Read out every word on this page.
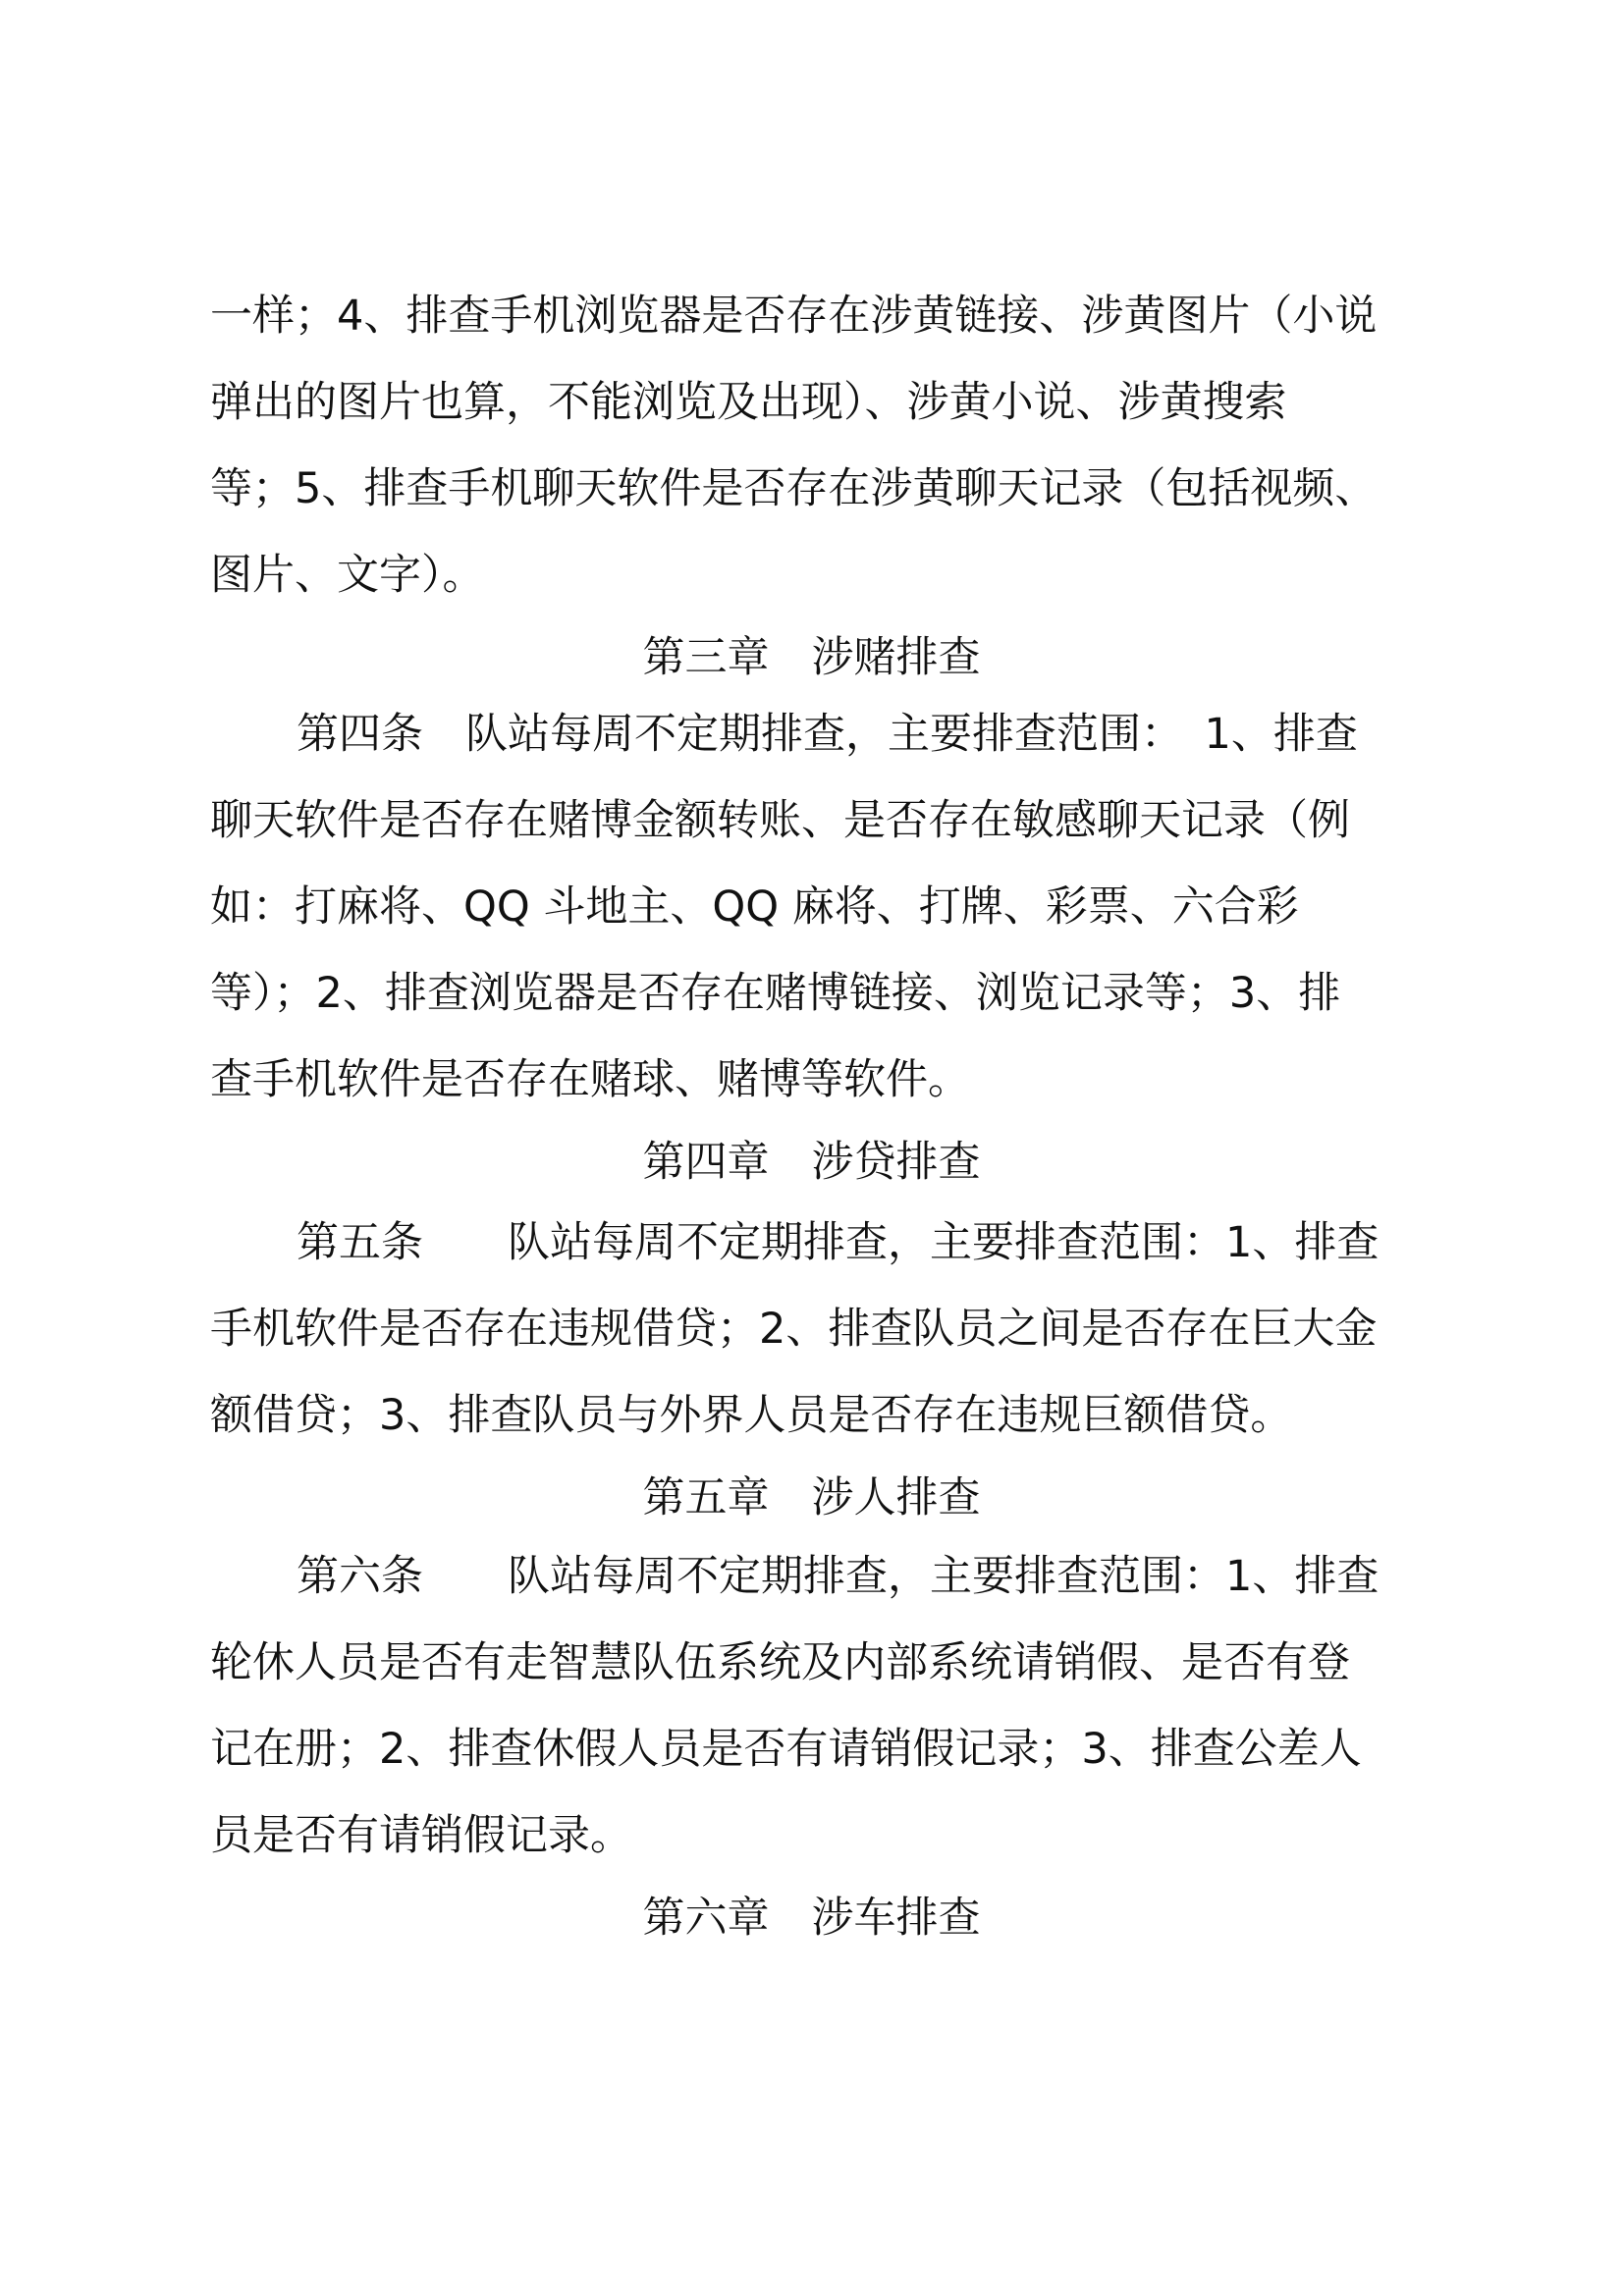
一样；4、排查手机浏览器是否存在涉黄链接、涉黄图片（小说
弹出的图片也算，不能浏览及出现）、涉黄小说、涉黄搜索
等；5、排查手机聊天软件是否存在涉黄聊天记录（包括视频、
图片、文字）。
第三章　涉赌排查
第四条　队站每周不定期排查，主要排查范围：　1、排查
聊天软件是否存在赌博金额转账、是否存在敏感聊天记录（例
如：打麻将、QQ 斗地主、QQ 麻将、打牌、彩票、六合彩
等）；2、排查浏览器是否存在赌博链接、浏览记录等；3、排
查手机软件是否存在赌球、赌博等软件。
第四章　涉贷排查
第五条　　队站每周不定期排查，主要排查范围：1、排查
手机软件是否存在违规借贷；2、排查队员之间是否存在巨大金
额借贷；3、排查队员与外界人员是否存在违规巨额借贷。
第五章　涉人排查
第六条　　队站每周不定期排查，主要排查范围：1、排查
轮休人员是否有走智慧队伍系统及内部系统请销假、是否有登
记在册；2、排查休假人员是否有请销假记录；3、排查公差人
员是否有请销假记录。
第六章　涉车排查
